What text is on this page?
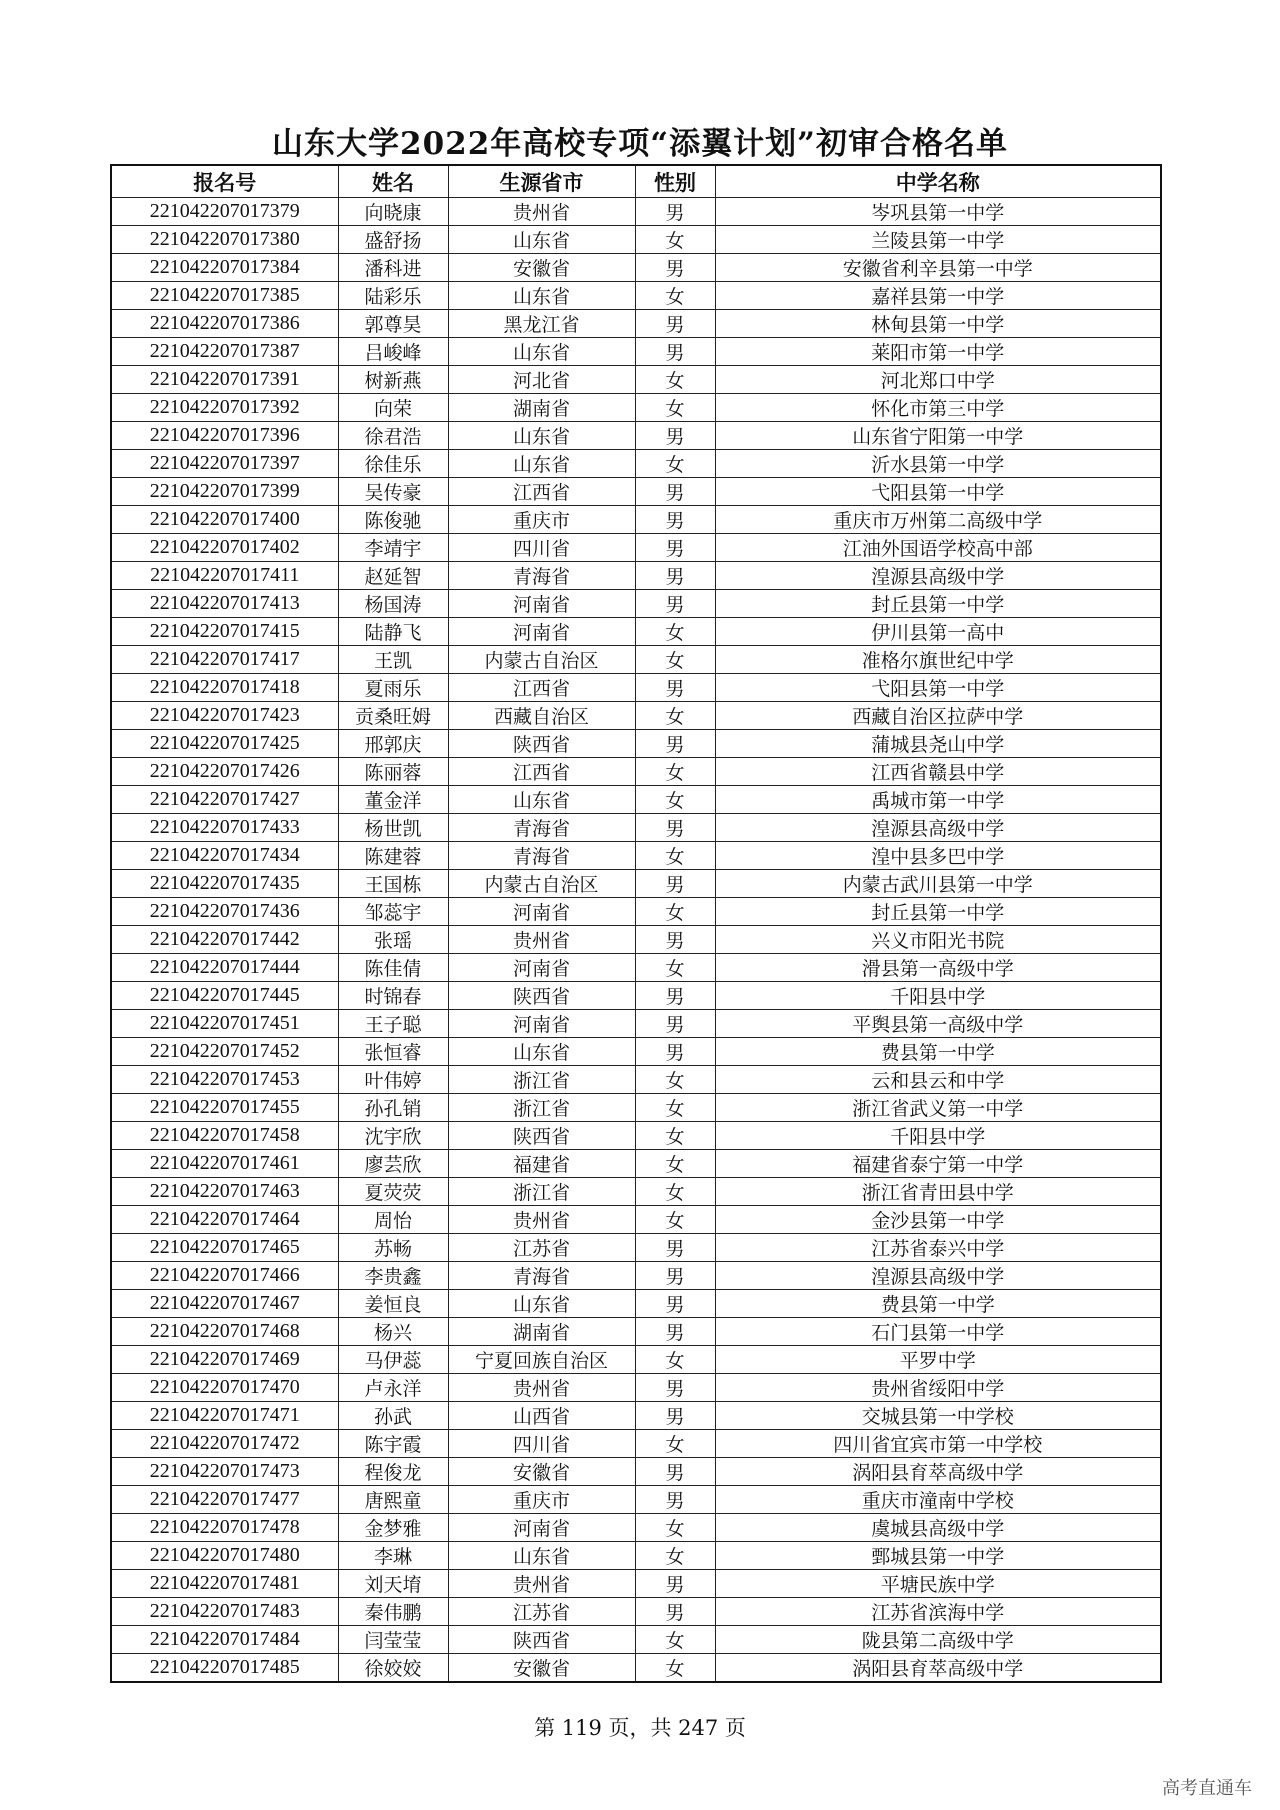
山东大学2022年高校专项“添翼计划”初审合格名单
报名号	姓名	生源省市	性别	中学名称
221042207017379	向晓康	贵州省	男	岑巩县第一中学
221042207017380	盛舒扬	山东省	女	兰陵县第一中学
221042207017384	潘科进	安徽省	男	安徽省利辛县第一中学
221042207017385	陆彩乐	山东省	女	嘉祥县第一中学
221042207017386	郭尊昊	黑龙江省	男	林甸县第一中学
221042207017387	吕峻峰	山东省	男	莱阳市第一中学
221042207017391	树新燕	河北省	女	河北郑口中学
221042207017392	向荣	湖南省	女	怀化市第三中学
221042207017396	徐君浩	山东省	男	山东省宁阳第一中学
221042207017397	徐佳乐	山东省	女	沂水县第一中学
221042207017399	吴传豪	江西省	男	弋阳县第一中学
221042207017400	陈俊驰	重庆市	男	重庆市万州第二高级中学
221042207017402	李靖宇	四川省	男	江油外国语学校高中部
221042207017411	赵延智	青海省	男	湟源县高级中学
221042207017413	杨国涛	河南省	男	封丘县第一中学
221042207017415	陆静飞	河南省	女	伊川县第一高中
221042207017417	王凯	内蒙古自治区	女	准格尔旗世纪中学
221042207017418	夏雨乐	江西省	男	弋阳县第一中学
221042207017423	贡桑旺姆	西藏自治区	女	西藏自治区拉萨中学
221042207017425	邢郭庆	陕西省	男	蒲城县尧山中学
221042207017426	陈丽蓉	江西省	女	江西省赣县中学
221042207017427	董金洋	山东省	女	禹城市第一中学
221042207017433	杨世凯	青海省	男	湟源县高级中学
221042207017434	陈建蓉	青海省	女	湟中县多巴中学
221042207017435	王国栋	内蒙古自治区	男	内蒙古武川县第一中学
221042207017436	邹蕊宇	河南省	女	封丘县第一中学
221042207017442	张瑶	贵州省	男	兴义市阳光书院
221042207017444	陈佳倩	河南省	女	滑县第一高级中学
221042207017445	时锦春	陕西省	男	千阳县中学
221042207017451	王子聪	河南省	男	平舆县第一高级中学
221042207017452	张恒睿	山东省	男	费县第一中学
221042207017453	叶伟婷	浙江省	女	云和县云和中学
221042207017455	孙孔销	浙江省	女	浙江省武义第一中学
221042207017458	沈宇欣	陕西省	女	千阳县中学
221042207017461	廖芸欣	福建省	女	福建省泰宁第一中学
221042207017463	夏荧荧	浙江省	女	浙江省青田县中学
221042207017464	周怡	贵州省	女	金沙县第一中学
221042207017465	苏畅	江苏省	男	江苏省泰兴中学
221042207017466	李贵鑫	青海省	男	湟源县高级中学
221042207017467	姜恒良	山东省	男	费县第一中学
221042207017468	杨兴	湖南省	男	石门县第一中学
221042207017469	马伊蕊	宁夏回族自治区	女	平罗中学
221042207017470	卢永洋	贵州省	男	贵州省绥阳中学
221042207017471	孙武	山西省	男	交城县第一中学校
221042207017472	陈宇霞	四川省	女	四川省宜宾市第一中学校
221042207017473	程俊龙	安徽省	男	涡阳县育萃高级中学
221042207017477	唐熙童	重庆市	男	重庆市潼南中学校
221042207017478	金梦雅	河南省	女	虞城县高级中学
221042207017480	李琳	山东省	女	鄄城县第一中学
221042207017481	刘天堉	贵州省	男	平塘民族中学
221042207017483	秦伟鹏	江苏省	男	江苏省滨海中学
221042207017484	闫莹莹	陕西省	女	陇县第二高级中学
221042207017485	徐姣姣	安徽省	女	涡阳县育萃高级中学
第 119 页，共 247 页
高考直通车
